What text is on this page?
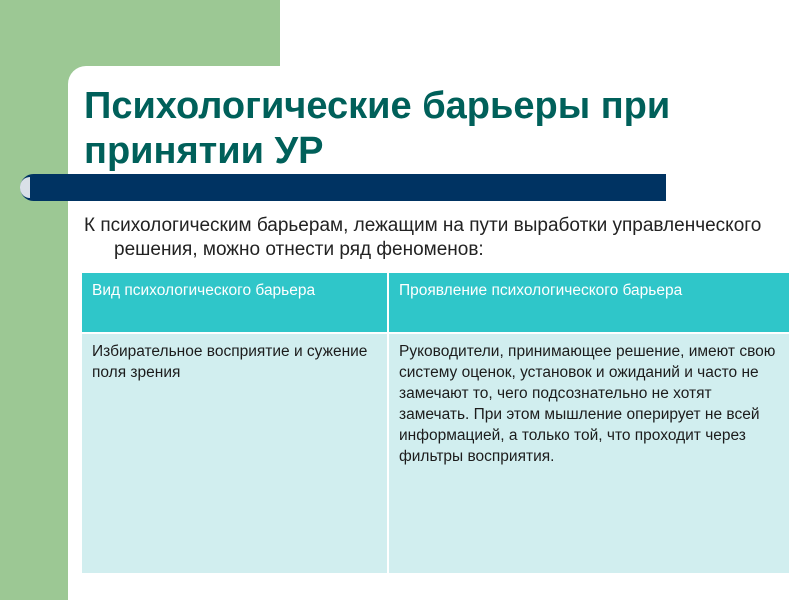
Психологические барьеры при принятии УР

К психологическим барьерам, лежащим на пути выработки управленческого решения, можно отнести ряд феноменов:

Вид психологического барьера	Проявление психологического барьера
Избирательное восприятие и сужение поля зрения	Руководители, принимающее решение, имеют свою систему оценок, установок и ожиданий и часто не замечают то, чего подсознательно не хотят замечать. При этом мышление оперирует не всей информацией, а только той, что проходит через фильтры восприятия.
